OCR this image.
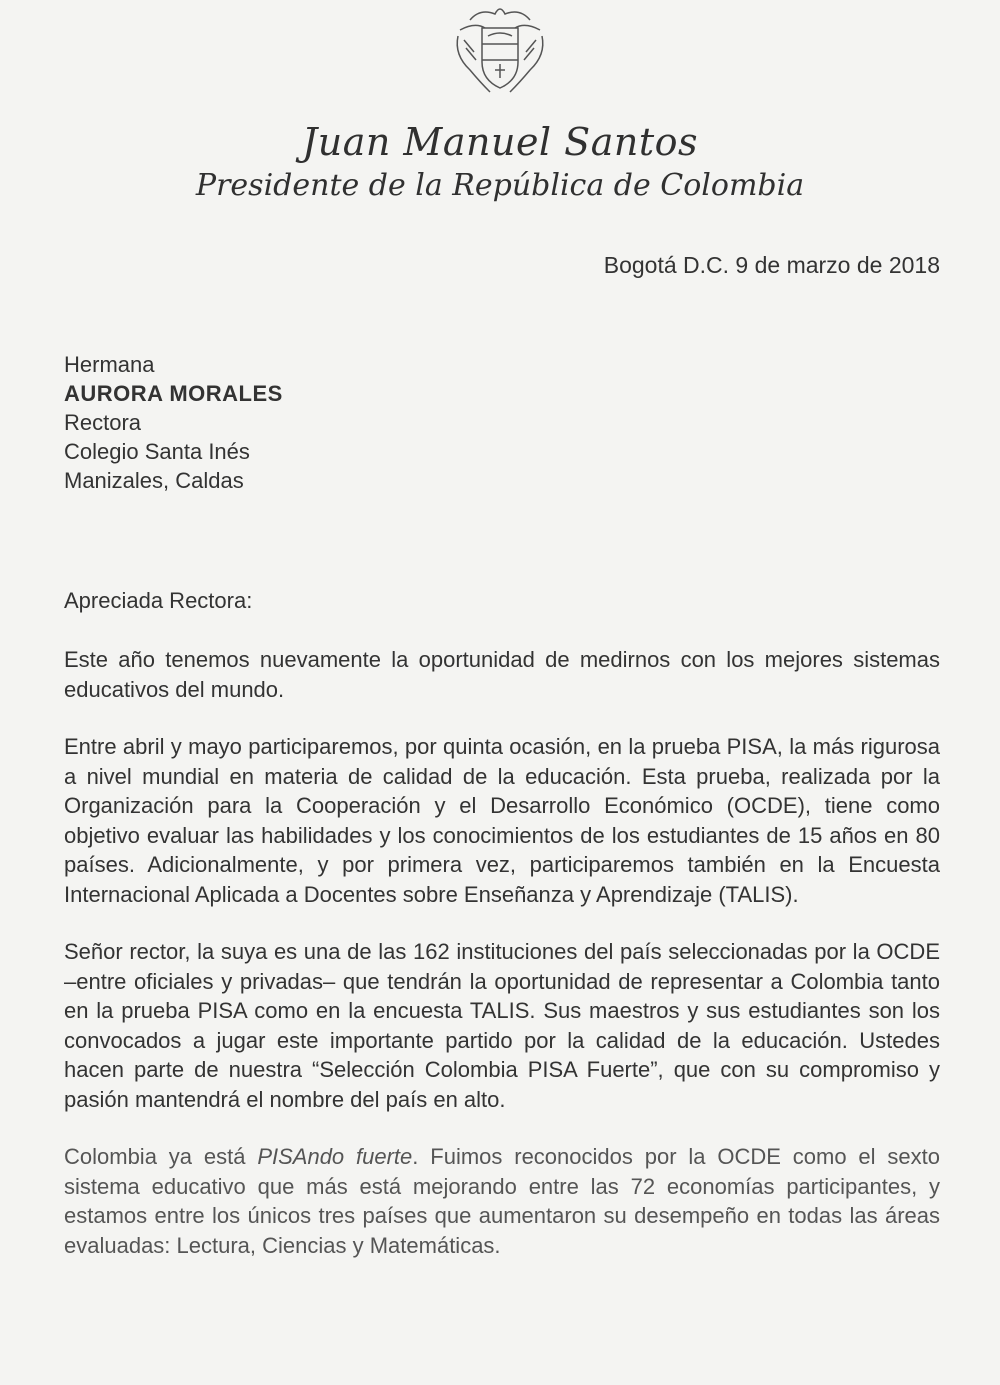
Juan Manuel Santos
Presidente de la República de Colombia
Bogotá D.C. 9 de marzo de 2018
Hermana
AURORA MORALES
Rectora
Colegio Santa Inés
Manizales, Caldas
Apreciada Rectora:

Este año tenemos nuevamente la oportunidad de medirnos con los mejores sistemas educativos del mundo.

Entre abril y mayo participaremos, por quinta ocasión, en la prueba PISA, la más rigurosa a nivel mundial en materia de calidad de la educación. Esta prueba, realizada por la Organización para la Cooperación y el Desarrollo Económico (OCDE), tiene como objetivo evaluar las habilidades y los conocimientos de los estudiantes de 15 años en 80 países. Adicionalmente, y por primera vez, participaremos también en la Encuesta Internacional Aplicada a Docentes sobre Enseñanza y Aprendizaje (TALIS).

Señor rector, la suya es una de las 162 instituciones del país seleccionadas por la OCDE –entre oficiales y privadas– que tendrán la oportunidad de representar a Colombia tanto en la prueba PISA como en la encuesta TALIS. Sus maestros y sus estudiantes son los convocados a jugar este importante partido por la calidad de la educación. Ustedes hacen parte de nuestra “Selección Colombia PISA Fuerte”, que con su compromiso y pasión mantendrá el nombre del país en alto.

Colombia ya está PISAndo fuerte. Fuimos reconocidos por la OCDE como el sexto sistema educativo que más está mejorando entre las 72 economías participantes, y estamos entre los únicos tres países que aumentaron su desempeño en todas las áreas evaluadas: Lectura, Ciencias y Matemáticas.
